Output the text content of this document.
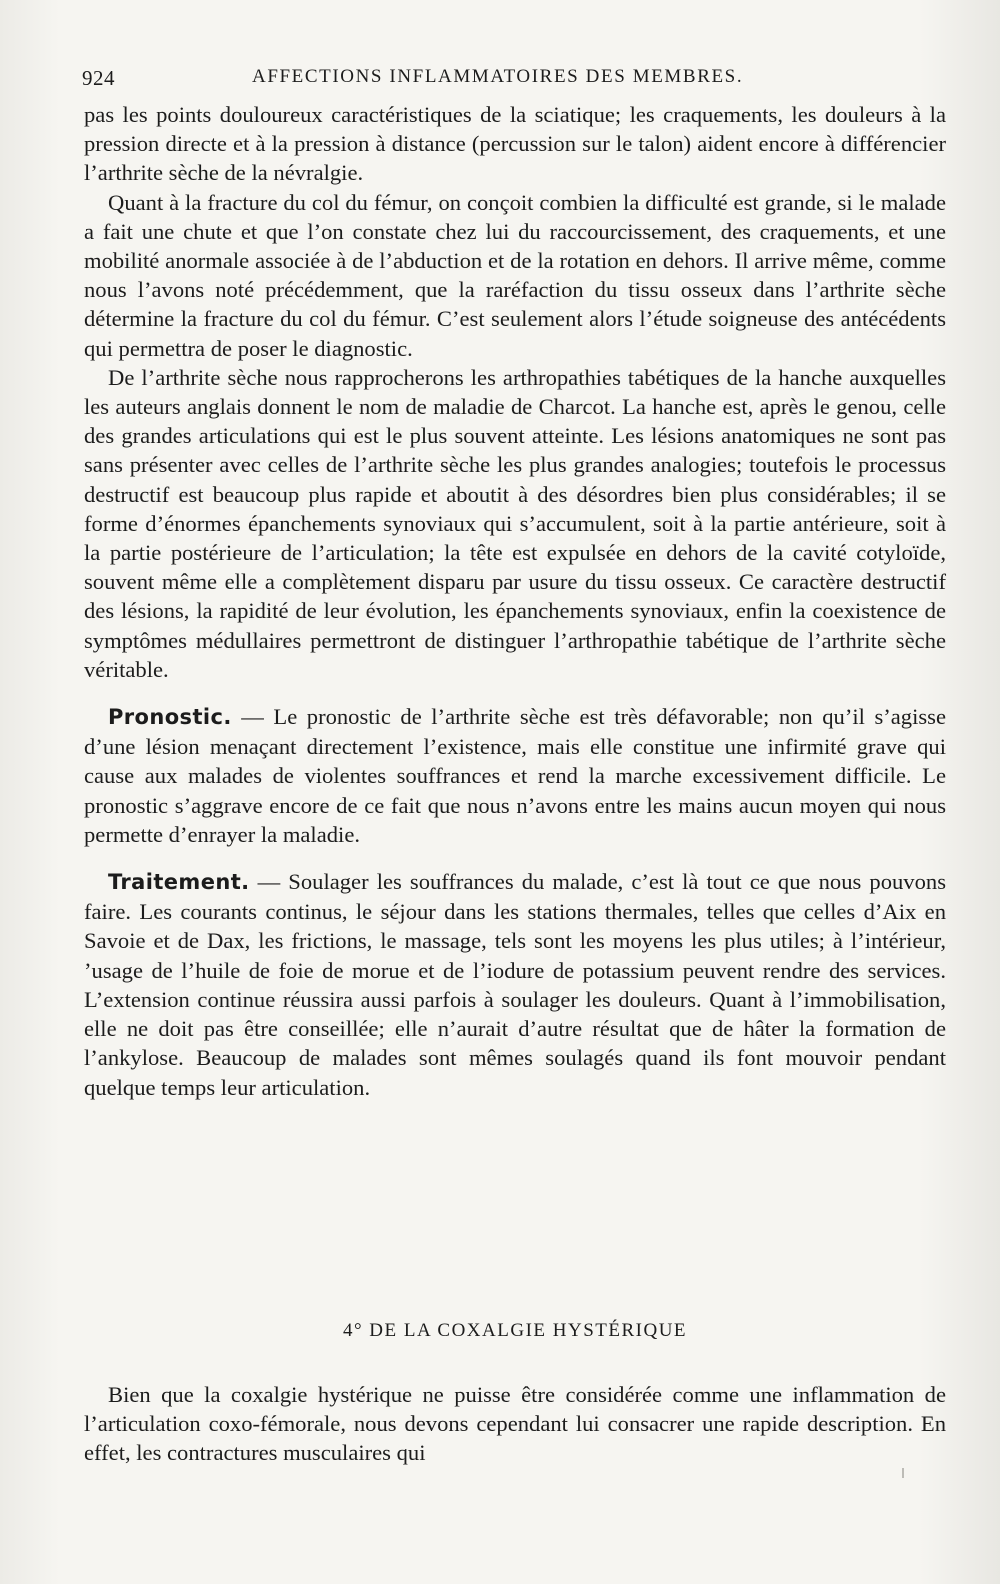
924	AFFECTIONS INFLAMMATOIRES DES MEMBRES.

pas les points douloureux caractéristiques de la sciatique; les craquements, les douleurs à la pression directe et à la pression à distance (percussion sur le talon) aident encore à différencier l’arthrite sèche de la névralgie.

Quant à la fracture du col du fémur, on conçoit combien la difficulté est grande, si le malade a fait une chute et que l’on constate chez lui du raccourcissement, des craquements, et une mobilité anormale associée à de l’abduction et de la rotation en dehors. Il arrive même, comme nous l’avons noté précédemment, que la raréfaction du tissu osseux dans l’arthrite sèche détermine la fracture du col du fémur. C’est seulement alors l’étude soigneuse des antécédents qui permettra de poser le diagnostic.

De l’arthrite sèche nous rapprocherons les arthropathies tabétiques de la hanche auxquelles les auteurs anglais donnent le nom de maladie de Charcot. La hanche est, après le genou, celle des grandes articulations qui est le plus souvent atteinte. Les lésions anatomiques ne sont pas sans présenter avec celles de l’arthrite sèche les plus grandes analogies; toutefois le processus destructif est beaucoup plus rapide et aboutit à des désordres bien plus considérables; il se forme d’énormes épanchements synoviaux qui s’accumulent, soit à la partie antérieure, soit à la partie postérieure de l’articulation; la tête est expulsée en dehors de la cavité cotyloïde, souvent même elle a complètement disparu par usure du tissu osseux. Ce caractère destructif des lésions, la rapidité de leur évolution, les épanchements synoviaux, enfin la coexistence de symptômes médullaires permettront de distinguer l’arthropathie tabétique de l’arthrite sèche véritable.

Pronostic. — Le pronostic de l’arthrite sèche est très défavorable; non qu’il s’agisse d’une lésion menaçant directement l’existence, mais elle constitue une infirmité grave qui cause aux malades de violentes souffrances et rend la marche excessivement difficile. Le pronostic s’aggrave encore de ce fait que nous n’avons entre les mains aucun moyen qui nous permette d’enrayer la maladie.

Traitement. — Soulager les souffrances du malade, c’est là tout ce que nous pouvons faire. Les courants continus, le séjour dans les stations thermales, telles que celles d’Aix en Savoie et de Dax, les frictions, le massage, tels sont les moyens les plus utiles; à l’intérieur, ’usage de l’huile de foie de morue et de l’iodure de potassium peuvent rendre des services. L’extension continue réussira aussi parfois à soulager les douleurs. Quant à l’immobilisation, elle ne doit pas être conseillée; elle n’aurait d’autre résultat que de hâter la formation de l’ankylose. Beaucoup de malades sont mêmes soulagés quand ils font mouvoir pendant quelque temps leur articulation.

4° DE LA COXALGIE HYSTÉRIQUE

Bien que la coxalgie hystérique ne puisse être considérée comme une inflammation de l’articulation coxo-fémorale, nous devons cependant lui consacrer une rapide description. En effet, les contractures musculaires qui
